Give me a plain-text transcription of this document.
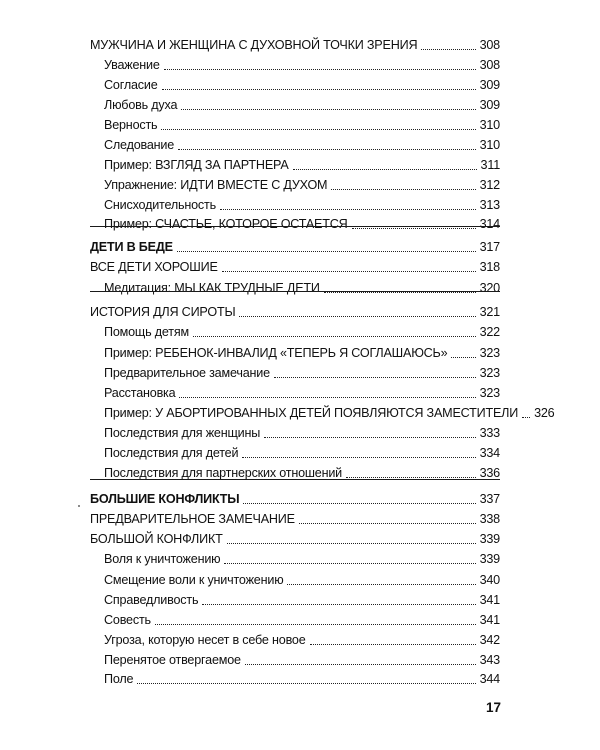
17
МУЖЧИНА И ЖЕНЩИНА С ДУХОВНОЙ ТОЧКИ ЗРЕНИЯ	308
Уважение	308
Согласие	309
Любовь духа	309
Верность	310
Следование	310
Пример: ВЗГЛЯД ЗА ПАРТНЕРА	311
Упражнение: ИДТИ ВМЕСТЕ С ДУХОМ	312
Снисходительность	313
Пример: СЧАСТЬЕ, КОТОРОЕ ОСТАЕТСЯ	314
ДЕТИ В БЕДЕ	317
ВСЕ ДЕТИ ХОРОШИЕ	318
Медитация: МЫ КАК ТРУДНЫЕ ДЕТИ	320
ИСТОРИЯ ДЛЯ СИРОТЫ	321
Помощь детям	322
Пример: РЕБЕНОК-ИНВАЛИД «ТЕПЕРЬ Я СОГЛАШАЮСЬ»	323
Предварительное замечание	323
Расстановка	323
Пример: У АБОРТИРОВАННЫХ ДЕТЕЙ ПОЯВЛЯЮТСЯ ЗАМЕСТИТЕЛИ 326
Последствия для женщины	333
Последствия для детей	334
Последствия для партнерских отношений	336
БОЛЬШИЕ КОНФЛИКТЫ	337
ПРЕДВАРИТЕЛЬНОЕ ЗАМЕЧАНИЕ	338
БОЛЬШОЙ КОНФЛИКТ	339
Воля к уничтожению	339
Смещение воли к уничтожению	340
Справедливость	341
Совесть	341
Угроза, которую несет в себе новое	342
Перенятое отвергаемое	343
Поле	344
